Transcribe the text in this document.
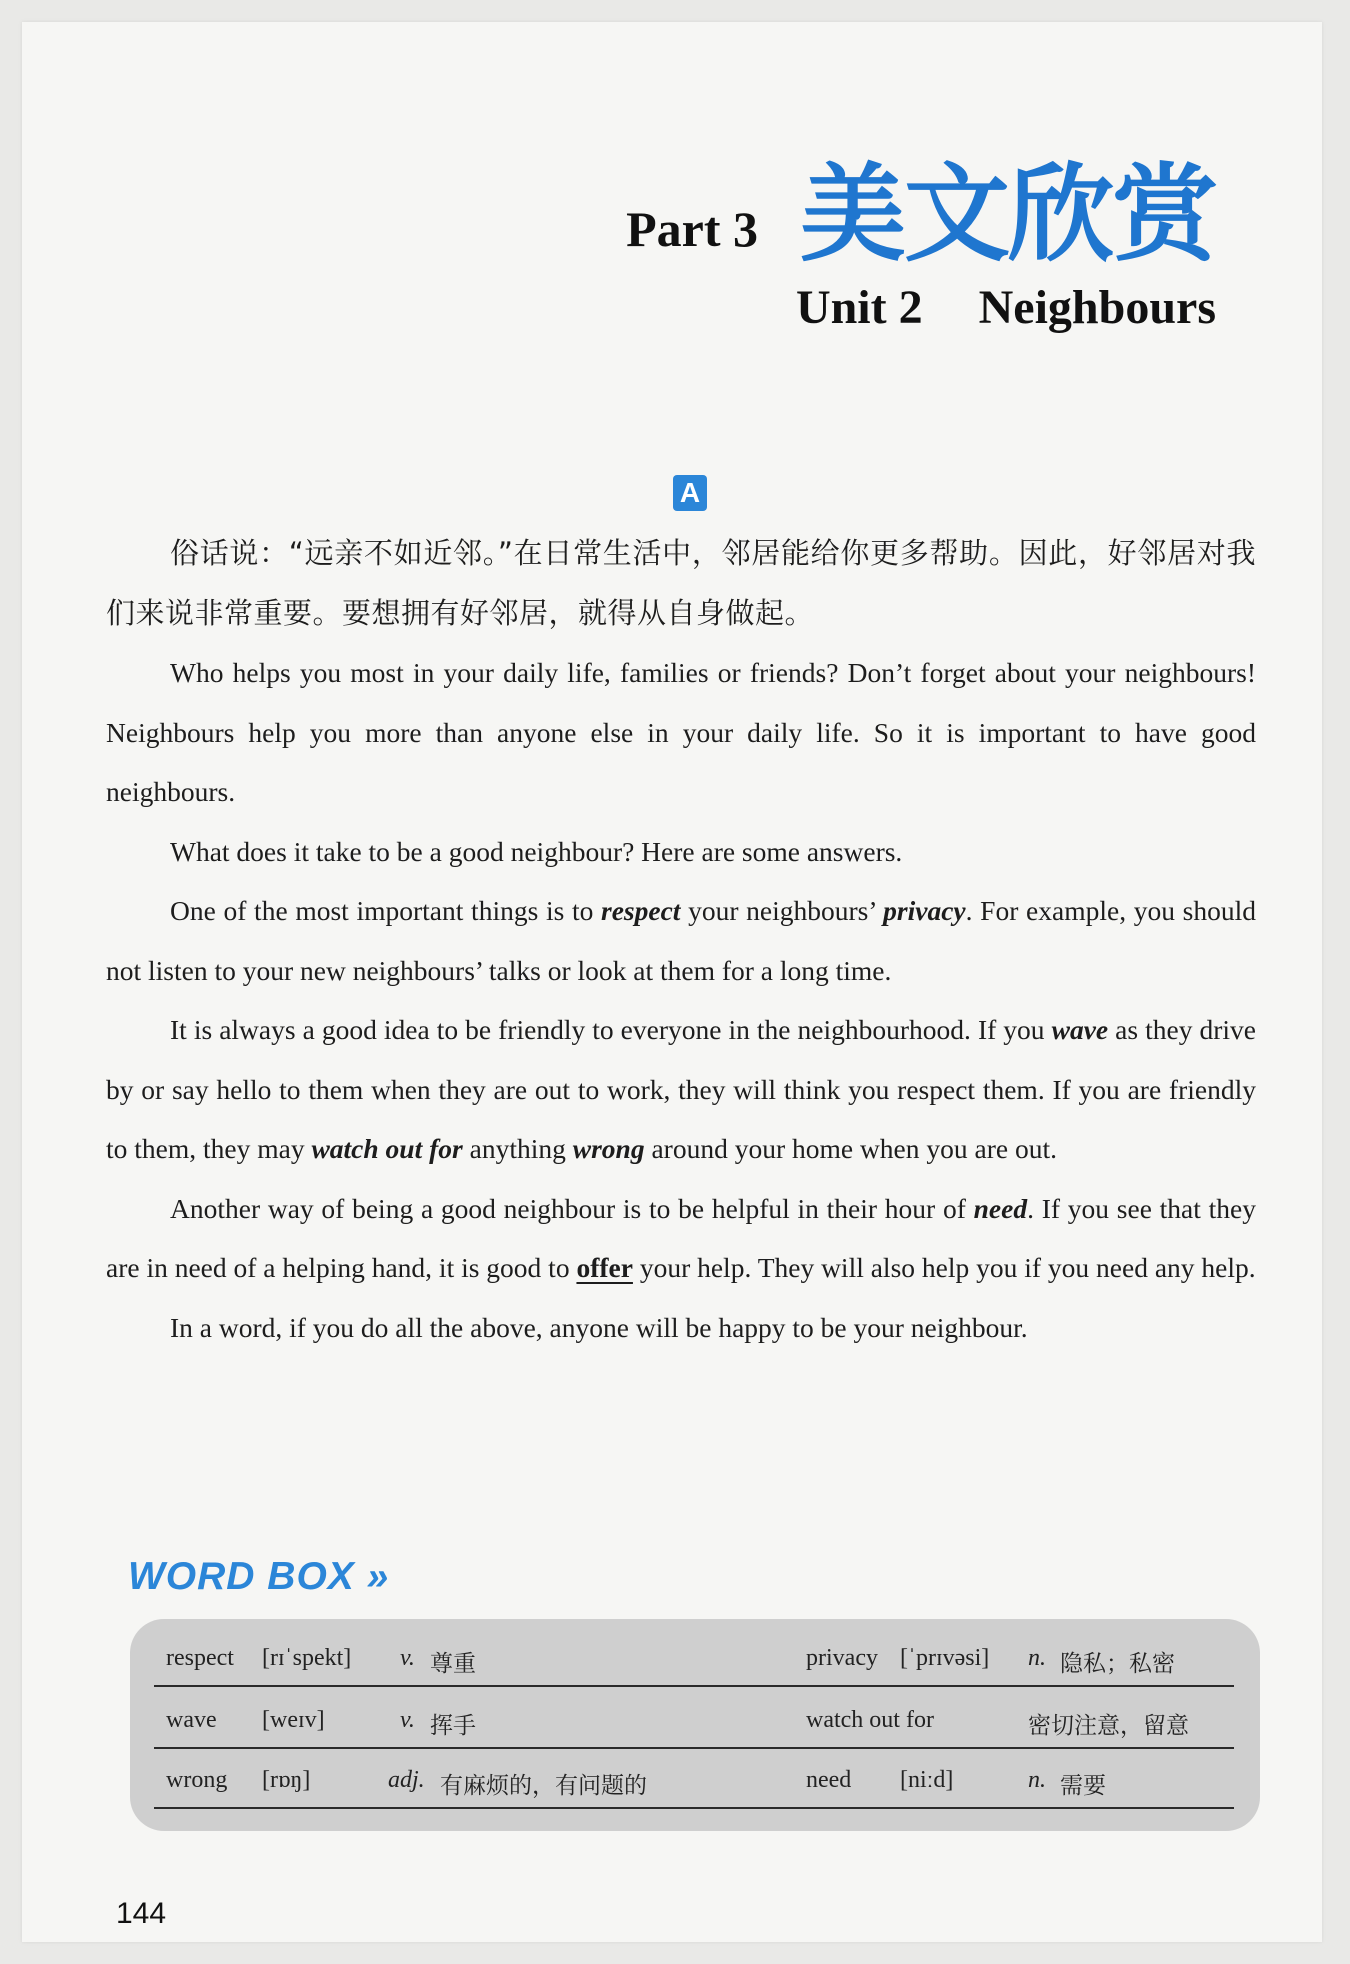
Part 3 美文欣赏
Unit 2 Neighbours
A

俗话说：“远亲不如近邻。”在日常生活中，邻居能给你更多帮助。因此，好邻居对我们来说非常重要。要想拥有好邻居，就得从自身做起。

Who helps you most in your daily life, families or friends? Don’t forget about your neighbours! Neighbours help you more than anyone else in your daily life. So it is important to have good neighbours.

What does it take to be a good neighbour? Here are some answers.

One of the most important things is to respect your neighbours’ privacy. For example, you should not listen to your new neighbours’ talks or look at them for a long time.

It is always a good idea to be friendly to everyone in the neighbourhood. If you wave as they drive by or say hello to them when they are out to work, they will think you respect them. If you are friendly to them, they may watch out for anything wrong around your home when you are out.

Another way of being a good neighbour is to be helpful in their hour of need. If you see that they are in need of a helping hand, it is good to offer your help. They will also help you if you need any help.

In a word, if you do all the above, anyone will be happy to be your neighbour.

WORD BOX »
respect [rɪˈspekt] v. 尊重	privacy [ˈprɪvəsi] n. 隐私；私密
wave [weɪv]	v. 挥手	watch out for	密切注意，留意
wrong [rɒŋ]	adj. 有麻烦的，有问题的	need [niːd]	n. 需要
144
